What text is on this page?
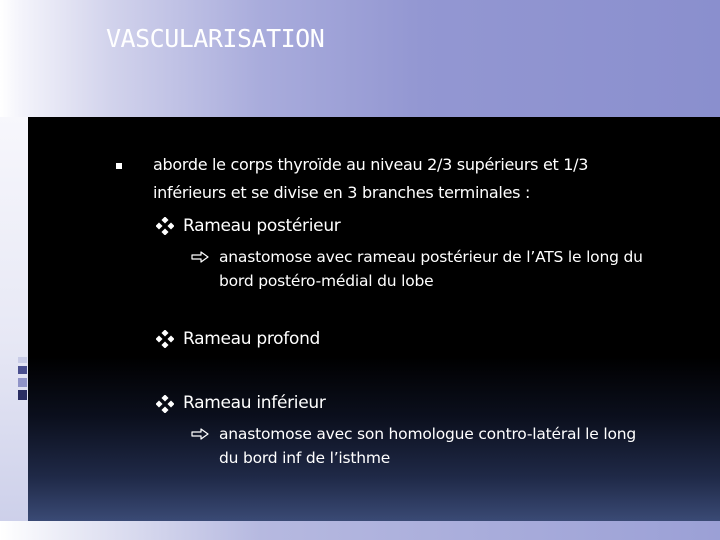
VASCULARISATION

aborde le corps thyroïde au niveau 2/3 supérieurs et 1/3

inférieurs et se divise en 3 branches terminales :

Rameau postérieur

anastomose avec rameau postérieur de l’ATS le long du

bord postéro-médial du lobe

Rameau profond

Rameau inférieur

anastomose avec son homologue contro-latéral le long

du bord inf de l’isthme
